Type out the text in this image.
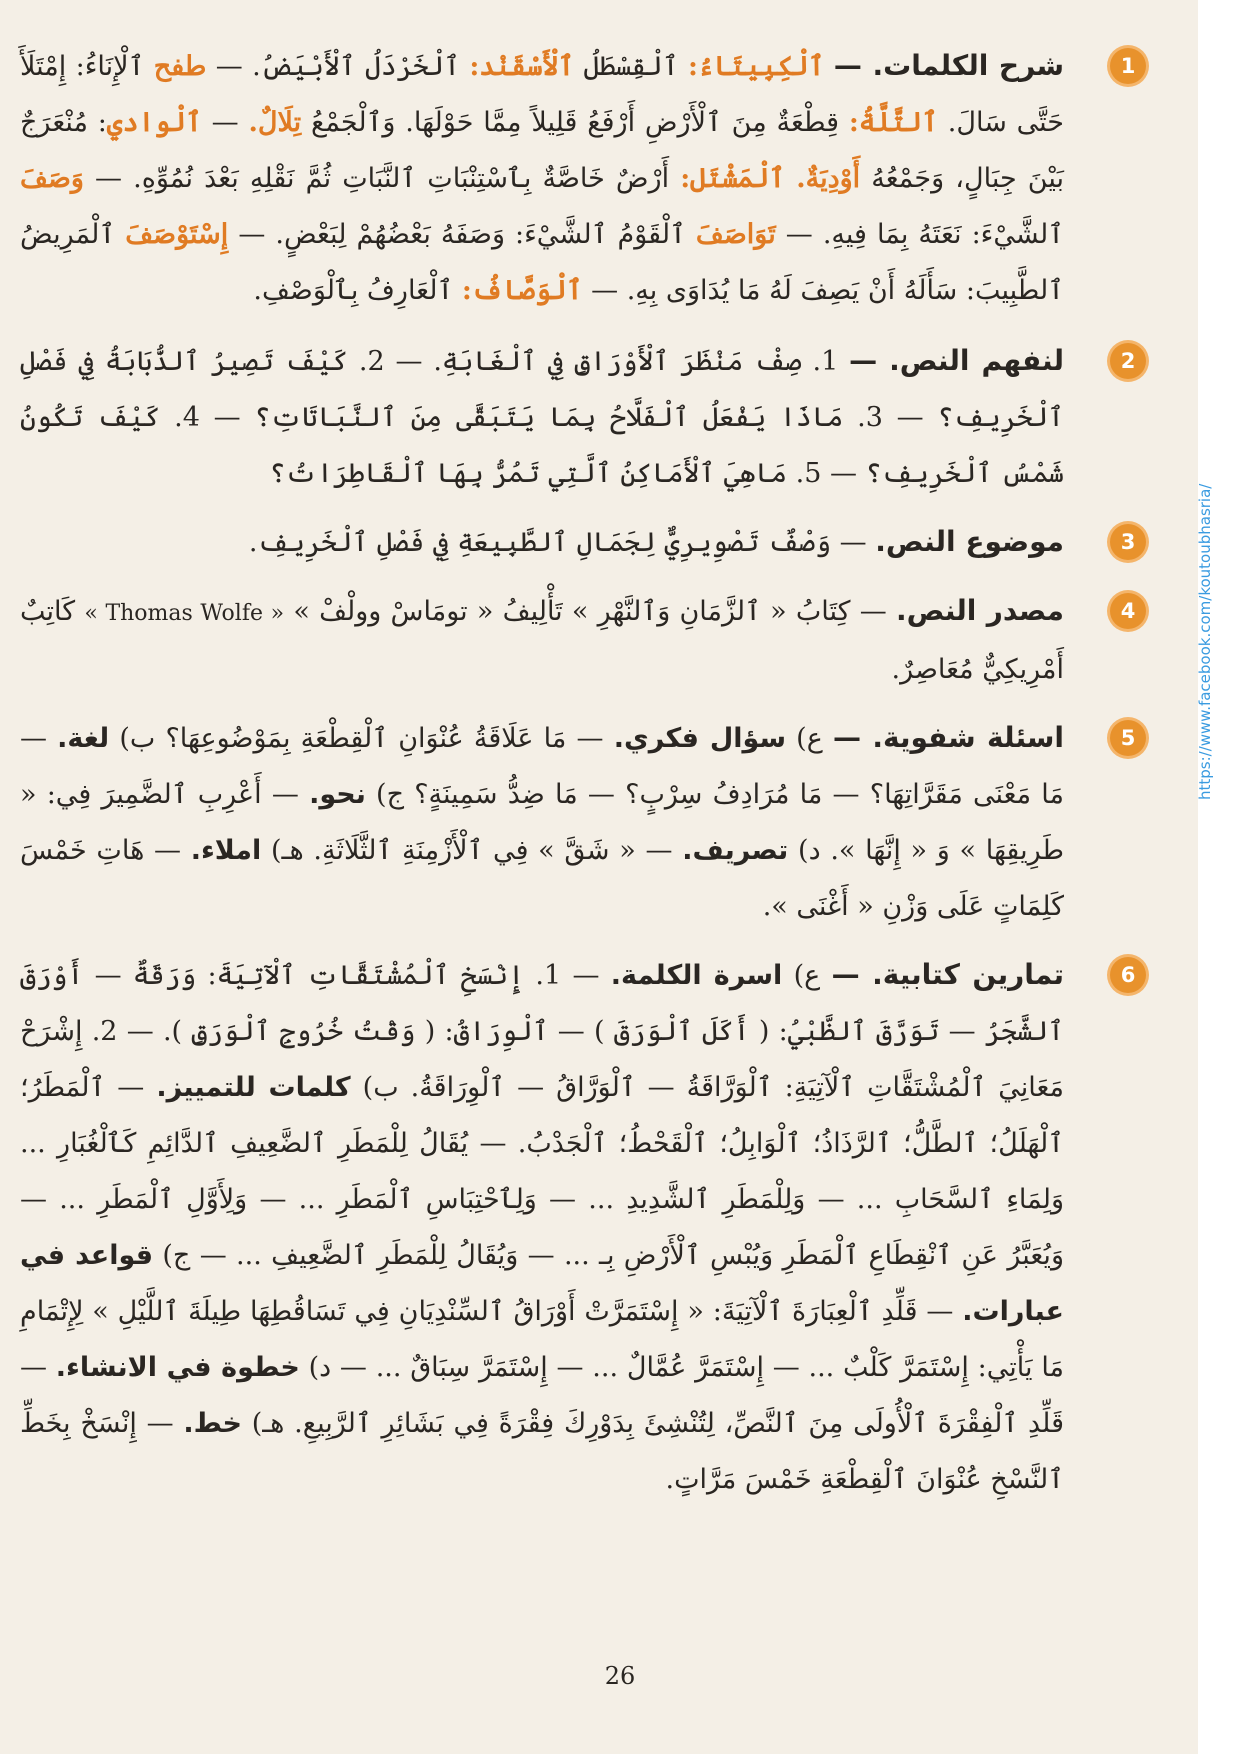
1
شرح الكلمات. — ٱلْكِبِيتَاءُ: ٱلْقِسْطَلُ ٱلْأَسْقَنْد: ٱلْخَرْدَلُ ٱلْأَبْيَضُ. — طفح ٱلْإِنَاءُ: إِمْتَلَأَ حَتَّى سَالَ. ٱلتَّلَّةُ: قِطْعَةٌ مِنَ ٱلْأَرْضِ أَرْفَعُ قَلِيلاً مِمَّا حَوْلَهَا. وَٱلْجَمْعُ تِلَالٌ. — ٱلْوادي: مُنْعَرَجٌ بَيْنَ جِبَالٍ، وَجَمْعُهُ أَوْدِيَةٌ. ٱلْمَشْتَل: أَرْضٌ خَاصَّةٌ بِٱسْتِنْبَاتِ ٱلنَّبَاتِ ثُمَّ نَقْلِهِ بَعْدَ نُمُوِّهِ. — وَصَفَ ٱلشَّيْءَ: نَعَتَهُ بِمَا فِيهِ. — تَوَاصَفَ ٱلْقَوْمُ ٱلشَّيْءَ: وَصَفَهُ بَعْضُهُمْ لِبَعْضٍ. — إِسْتَوْصَفَ ٱلْمَرِيضُ ٱلطَّبِيبَ: سَأَلَهُ أَنْ يَصِفَ لَهُ مَا يُدَاوَى بِهِ. — ٱلْوَصَّافُ: ٱلْعَارِفُ بِٱلْوَصْفِ.
2
لنفهم النص. — 1. صِفْ مَنْظَرَ ٱلْأَوْرَاقِ فِي ٱلْغَابَةِ. — 2. كَيْفَ تَصِيرُ ٱلذُّبَابَةُ فِي فَصْلِ ٱلْخَرِيفِ؟ — 3. مَاذَا يَفْعَلُ ٱلْفَلَّاحُ بِمَا يَتَبَقَّى مِنَ ٱلنَّبَاتَاتِ؟ — 4. كَيْفَ تَكُونُ شَمْسُ ٱلْخَرِيفِ؟ — 5. مَاهِيَ ٱلْأَمَاكِنُ ٱلَّتِي تَمُرُّ بِهَا ٱلْقَاطِرَاتُ؟
3
موضوع النص. — وَصْفٌ تَصْوِيرِيٌّ لِجَمَالِ ٱلطَّبِيعَةِ فِي فَصْلِ ٱلْخَرِيفِ.
4
مصدر النص. — كِتَابُ « ٱلزَّمَانِ وَٱلنَّهْرِ » تَأْلِيفُ « تومَاسْ وولْفْ » « Thomas Wolfe » كَاتِبٌ أَمْرِيكِيٌّ مُعَاصِرٌ.
5
اسئلة شفوية. — ع) سؤال فكري. — مَا عَلَاقَةُ عُنْوَانِ ٱلْقِطْعَةِ بِمَوْضُوعِهَا؟ ب) لغة. — مَا مَعْنَى مَقَرَّاتِهَا؟ — مَا مُرَادِفُ سِرْبٍ؟ — مَا ضِدُّ سَمِينَةٍ؟ ج) نحو. — أَعْرِبِ ٱلضَّمِيرَ فِي: « طَرِيقِهَا » وَ « إِنَّهَا ». د) تصريف. — « شَقَّ » فِي ٱلْأَزْمِنَةِ ٱلثَّلَاثَةِ. هـ) املاء. — هَاتِ خَمْسَ كَلِمَاتٍ عَلَى وَزْنِ « أَغْنَى ».
6
تمارين كتابية. — ع) اسرة الكلمة. — 1. إِنْسَخِ ٱلْمُشْتَقَّاتِ ٱلْآتِيَةَ: وَرَقَةٌ — أَوْرَقَ ٱلشَّجَرُ — تَوَرَّقَ ٱلظَّبْيُ: ( أَكَلَ ٱلْوَرَقَ ) — ٱلْوِرَاقُ: ( وَقْتُ خُرُوجِ ٱلْوَرَقِ ). — 2. إِشْرَحْ مَعَانِيَ ٱلْمُشْتَقَّاتِ ٱلْآتِيَةِ: ٱلْوَرَّاقَةُ — ٱلْوَرَّاقُ — ٱلْوِرَاقَةُ. ب) كلمات للتمييز. — ٱلْمَطَرُ؛ ٱلْهَلَلُ؛ ٱلطَّلُّ؛ ٱلرَّذَاذُ؛ ٱلْوَابِلُ؛ ٱلْقَحْطُ؛ ٱلْجَدْبُ. — يُقَالُ لِلْمَطَرِ ٱلضَّعِيفِ ٱلدَّائِمِ كَٱلْغُبَارِ ... وَلِمَاءِ ٱلسَّحَابِ ... — وَلِلْمَطَرِ ٱلشَّدِيدِ ... — وَلِٱحْتِبَاسِ ٱلْمَطَرِ ... — وَلِأَوَّلِ ٱلْمَطَرِ ... — وَيُعَبَّرُ عَنِ ٱنْقِطَاعِ ٱلْمَطَرِ وَيُبْسِ ٱلْأَرْضِ بِـ ... — وَيُقَالُ لِلْمَطَرِ ٱلضَّعِيفِ ... — ج) قواعد في عبارات. — قَلِّدِ ٱلْعِبَارَةَ ٱلْآتِيَةَ: « إِسْتَمَرَّتْ أَوْرَاقُ ٱلسِّنْدِيَانِ فِي تَسَاقُطِهَا طِيلَةَ ٱللَّيْلِ » لِإِتْمَامِ مَا يَأْتِي: إِسْتَمَرَّ كَلْبٌ ... — إِسْتَمَرَّ عُمَّالٌ ... — إِسْتَمَرَّ سِبَاقٌ ... — د) خطوة في الانشاء. — قَلِّدِ ٱلْفِقْرَةَ ٱلْأُولَى مِنَ ٱلنَّصِّ، لِتُنْشِئَ بِدَوْرِكَ فِقْرَةً فِي بَشَائِرِ ٱلرَّبِيعِ. هـ) خط. — إِنْسَخْ بِخَطِّ ٱلنَّسْخِ عُنْوَانَ ٱلْقِطْعَةِ خَمْسَ مَرَّاتٍ.
26
https://www.facebook.com/koutoubhasria/
